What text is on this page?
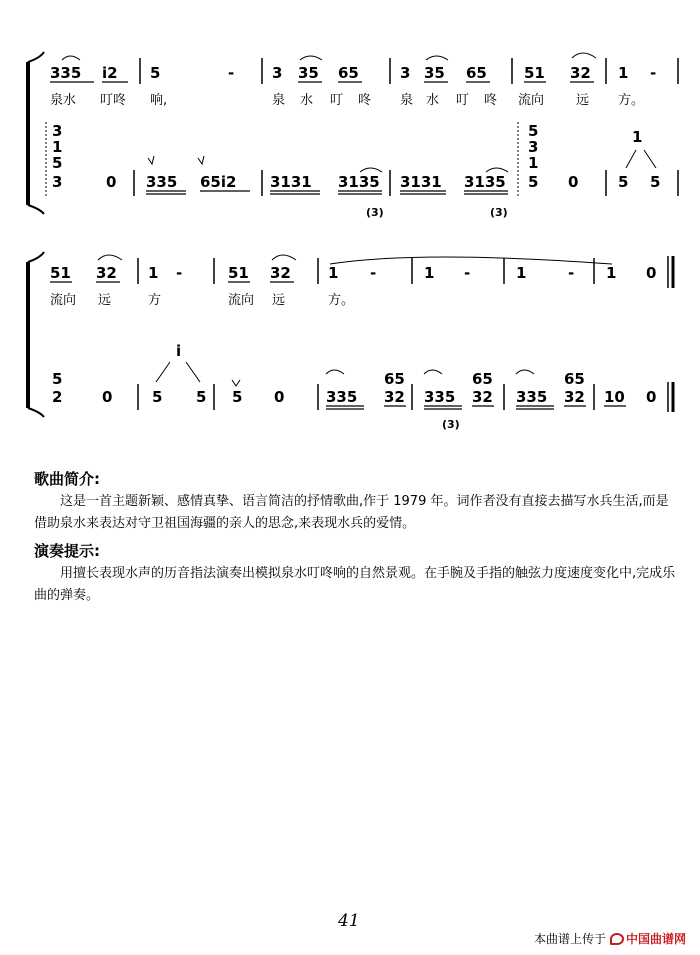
335 i2 5	-	3 35 65	3 35 65 51 32 1 -
泉水 叮咚 响,	泉 水 叮 咚 泉 水 叮 咚 流向 远 方。
3
1
5
3	0 335 65i2 3131 3135 3131 3135
5
3
1
5 0	5 5
1
(3)	(3)
51 32 1 -	51 32 1 -	1 -	1	- 1 0
流向 远	方	流向 远	方。
5
2	0	5 5 5 0
i
335 32
65
335 32
65
335 32
65
10 0
(3)
歌曲简介:
这是一首主题新颖、感情真挚、语言简洁的抒情歌曲,作于 1979 年。词作者没有直接去描写水兵生活,而是借助泉水来表达对守卫祖国海疆的亲人的思念,来表现水兵的爱情。
演奏提示:
用擅长表现水声的历音指法演奏出模拟泉水叮咚响的自然景观。在手腕及手指的触弦力度速度变化中,完成乐曲的弹奏。
41
本曲谱上传于 中国曲谱网
